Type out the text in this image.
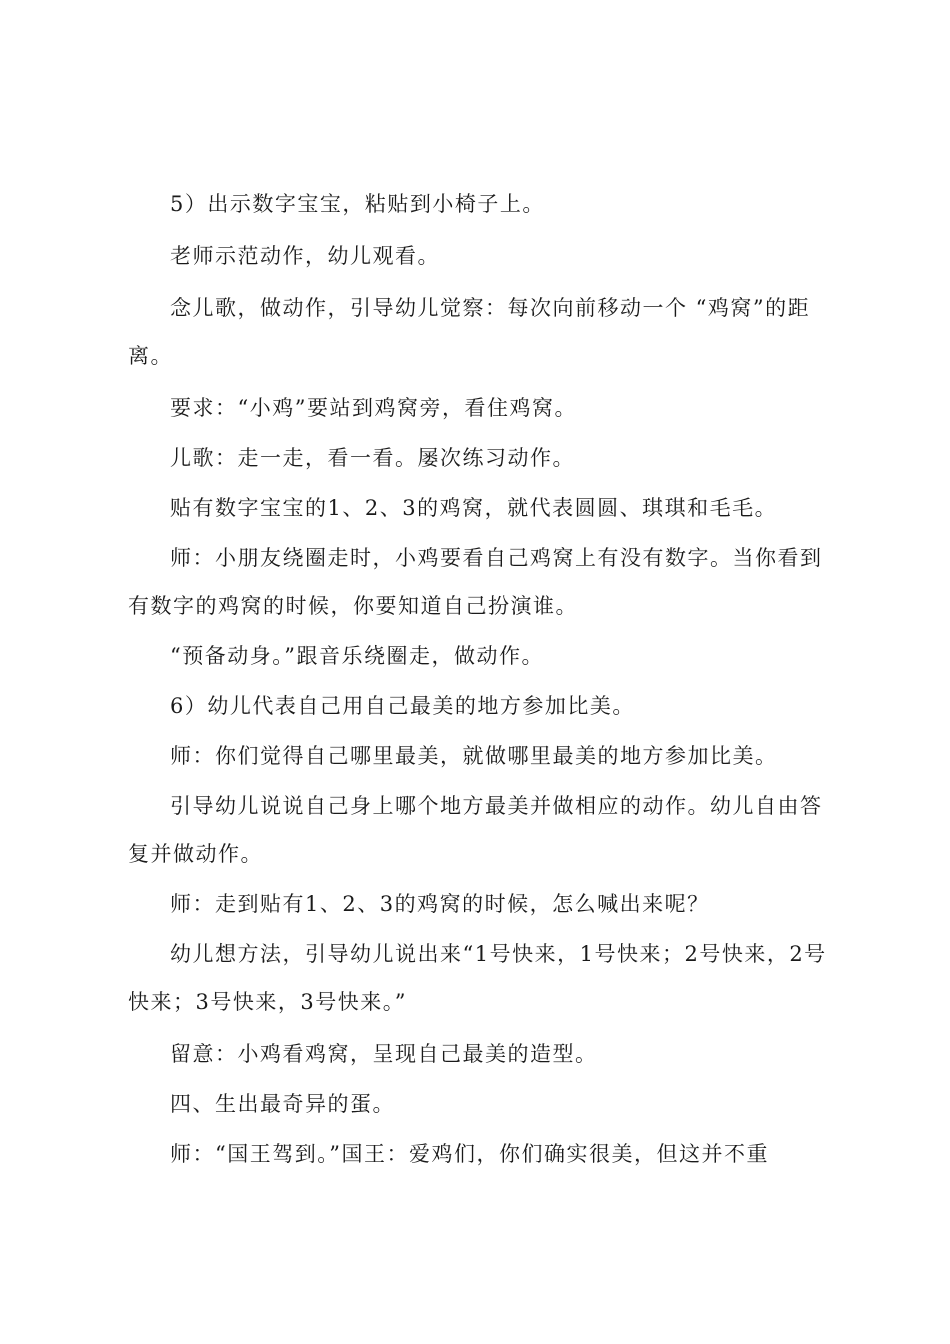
5）出示数字宝宝，粘贴到小椅子上。

老师示范动作，幼儿观看。

念儿歌，做动作，引导幼儿觉察：每次向前移动一个 “鸡窝”的距离。

要求：“小鸡”要站到鸡窝旁，看住鸡窝。

儿歌：走一走，看一看。屡次练习动作。

贴有数字宝宝的1、2、3的鸡窝，就代表圆圆、琪琪和毛毛。

师：小朋友绕圈走时，小鸡要看自己鸡窝上有没有数字。当你看到有数字的鸡窝的时候，你要知道自己扮演谁。

“预备动身。”跟音乐绕圈走，做动作。

6）幼儿代表自己用自己最美的地方参加比美。

师：你们觉得自己哪里最美，就做哪里最美的地方参加比美。

引导幼儿说说自己身上哪个地方最美并做相应的动作。幼儿自由答复并做动作。

师：走到贴有1、2、3的鸡窝的时候，怎么喊出来呢？

幼儿想方法，引导幼儿说出来“1号快来，1号快来；2号快来，2号快来；3号快来，3号快来。”

留意：小鸡看鸡窝，呈现自己最美的造型。

四、生出最奇异的蛋。

师：“国王驾到。”国王：爱鸡们，你们确实很美，但这并不重
